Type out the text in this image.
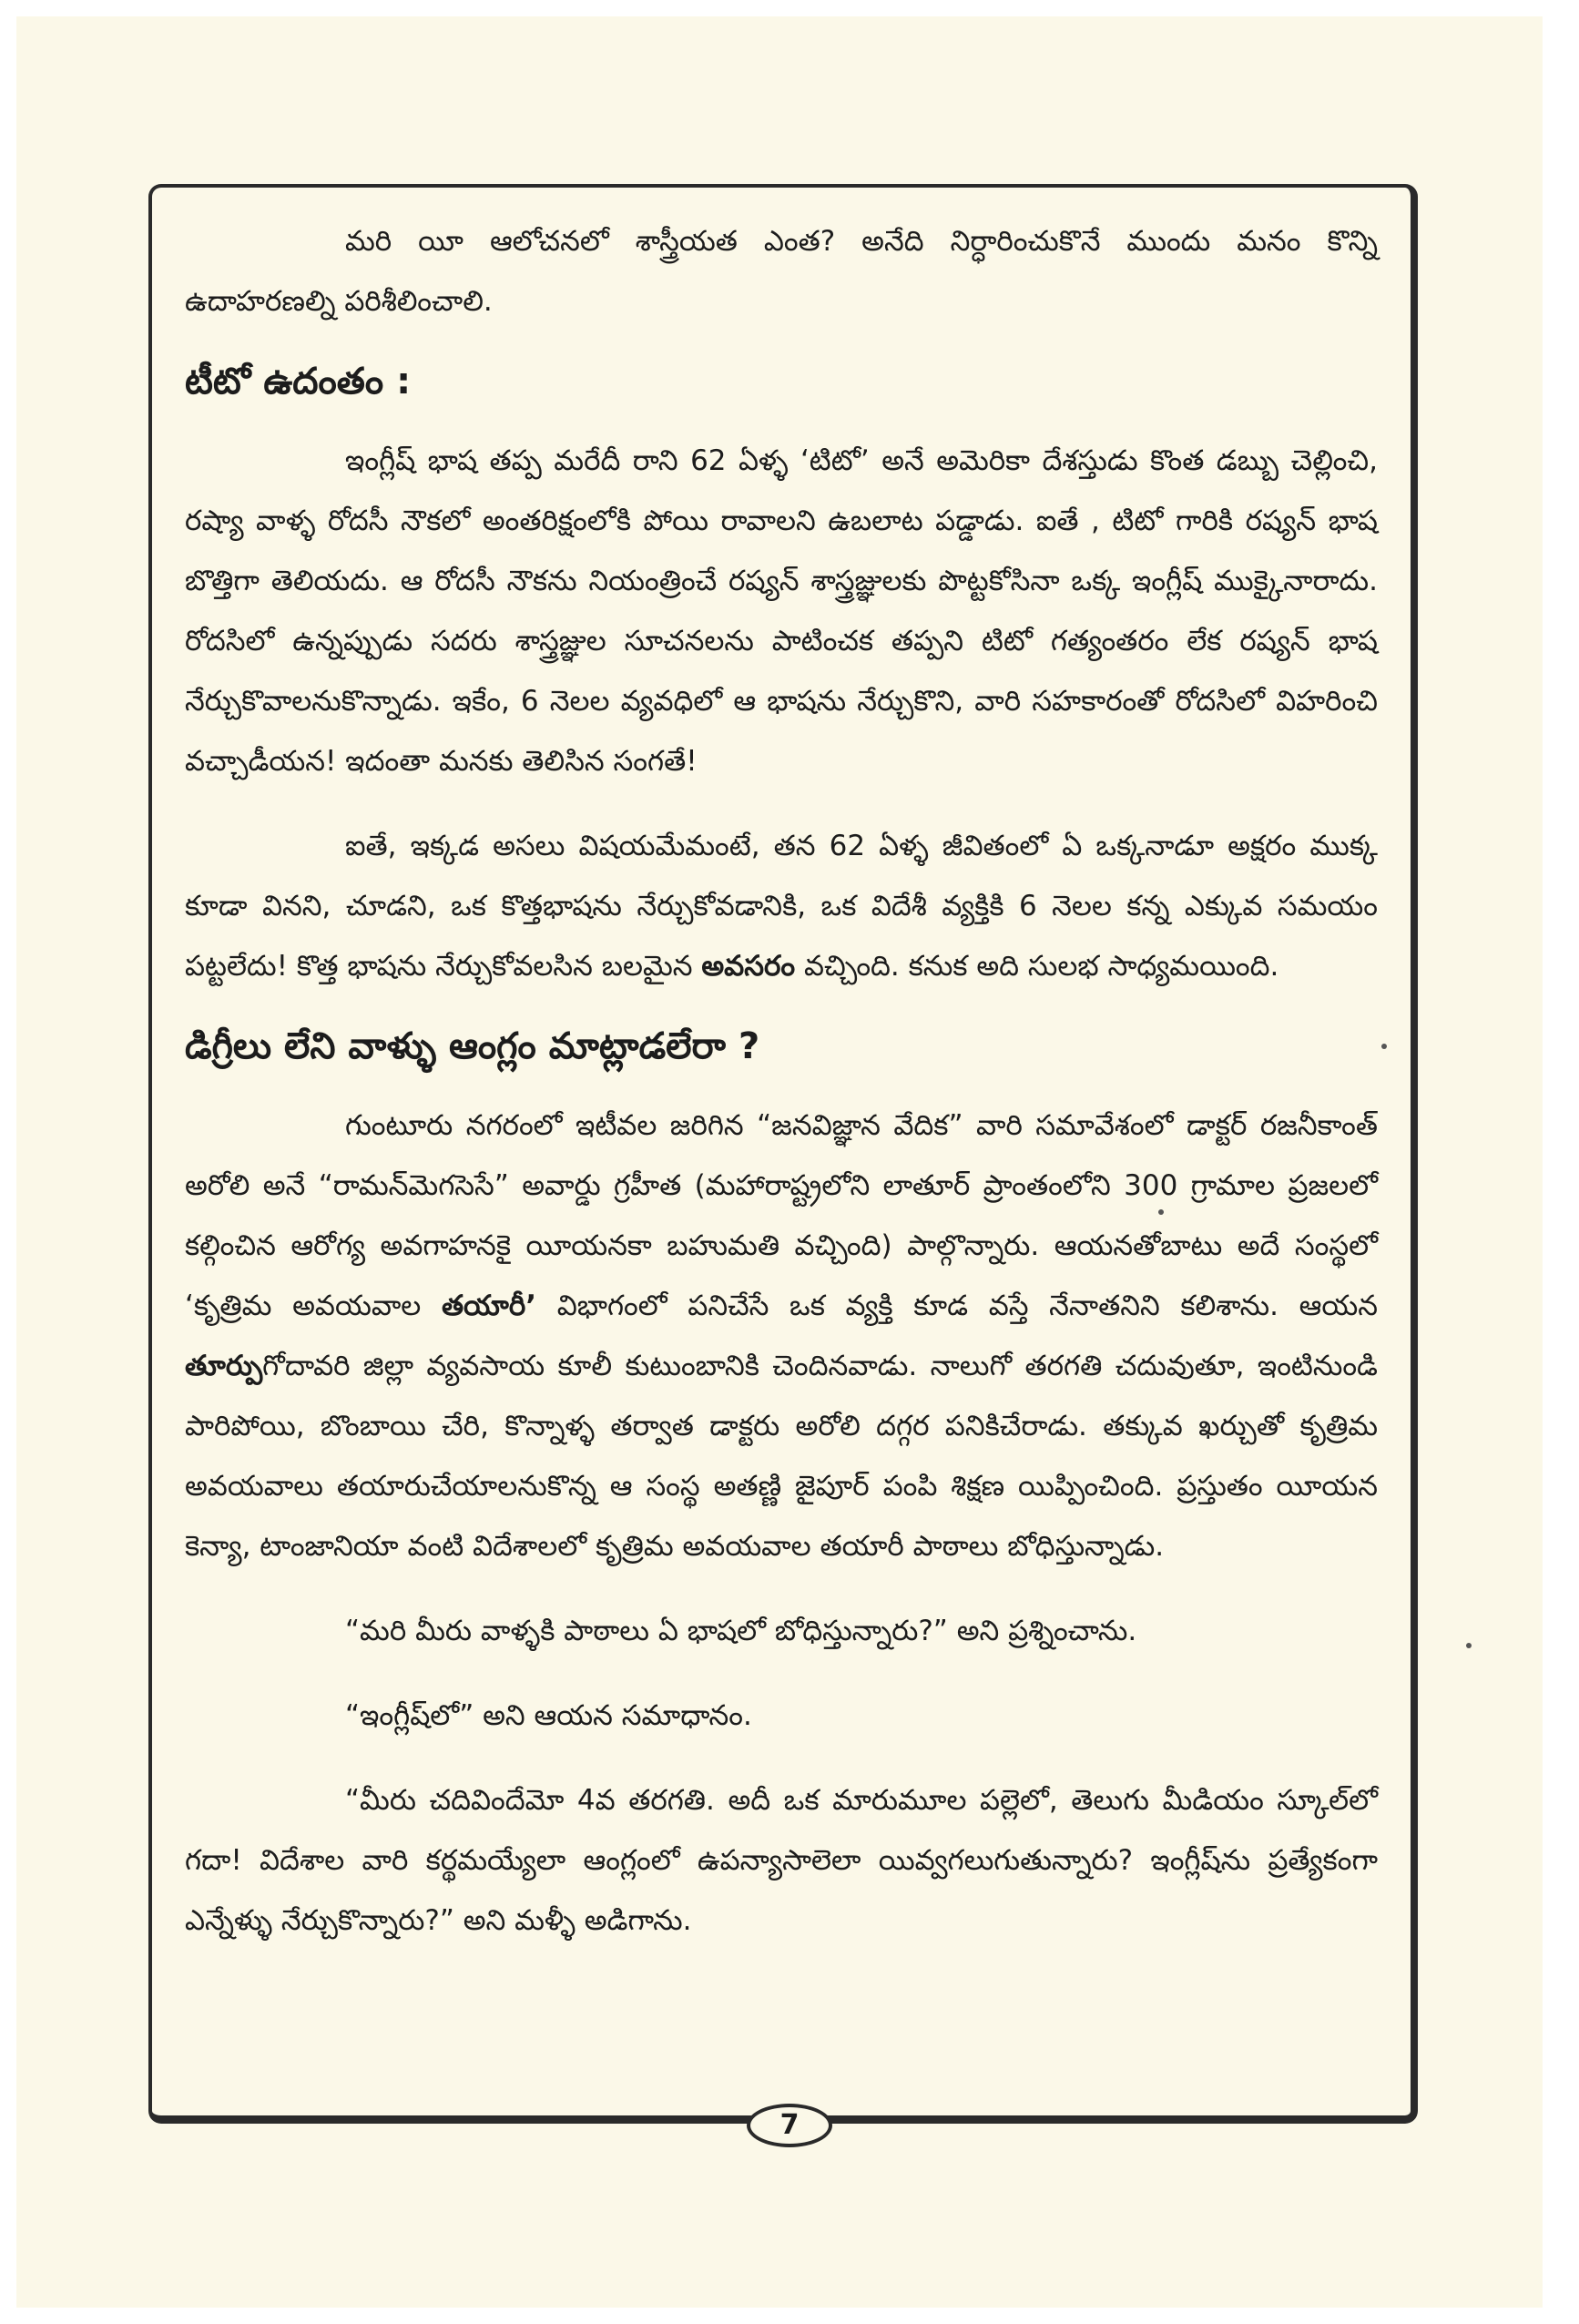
మరి యీ ఆలోచనలో శాస్త్రీయత ఎంత? అనేది నిర్ధారించుకొనే ముందు మనం కొన్ని ఉదాహరణల్ని పరిశీలించాలి.

టీటో ఉదంతం :

ఇంగ్లీష్ భాష తప్ప మరేదీ రాని 62 ఏళ్ళ ‘టిటో’ అనే అమెరికా దేశస్తుడు కొంత డబ్బు చెల్లించి, రష్యా వాళ్ళ రోదసీ నౌకలో అంతరిక్షంలోకి పోయి రావాలని ఉబలాట పడ్డాడు. ఐతే , టిటో గారికి రష్యన్ భాష బొత్తిగా తెలియదు. ఆ రోదసీ నౌకను నియంత్రించే రష్యన్ శాస్త్రజ్ఞులకు పొట్టకోసినా ఒక్క ఇంగ్లీష్ ముక్కైనారాదు. రోదసిలో ఉన్నప్పుడు సదరు శాస్త్రజ్ఞుల సూచనలను పాటించక తప్పని టిటో గత్యంతరం లేక రష్యన్ భాష నేర్చుకొవాలనుకొన్నాడు. ఇకేం, 6 నెలల వ్యవధిలో ఆ భాషను నేర్చుకొని, వారి సహకారంతో రోదసిలో విహరించి వచ్చాడీయన! ఇదంతా మనకు తెలిసిన సంగతే!

ఐతే, ఇక్కడ అసలు విషయమేమంటే, తన 62 ఏళ్ళ జీవితంలో ఏ ఒక్కనాడూ అక్షరం ముక్క కూడా వినని, చూడని, ఒక కొత్తభాషను నేర్చుకోవడానికి, ఒక విదేశీ వ్యక్తికి 6 నెలల కన్న ఎక్కువ సమయం పట్టలేదు! కొత్త భాషను నేర్చుకోవలసిన బలమైన అవసరం వచ్చింది. కనుక అది సులభ సాధ్యమయింది.

డిగ్రీలు లేని వాళ్ళు ఆంగ్లం మాట్లాడలేరా ?

గుంటూరు నగరంలో ఇటీవల జరిగిన “జనవిజ్ఞాన వేదిక” వారి సమావేశంలో డాక్టర్ రజనీకాంత్ అరోలి అనే “రామన్‌మెగసెసే” అవార్డు గ్రహీత (మహారాష్ట్రలోని లాతూర్ ప్రాంతంలోని 300 గ్రామాల ప్రజలలో కల్గించిన ఆరోగ్య అవగాహనకై యీయనకా బహుమతి వచ్చింది) పాల్గొన్నారు. ఆయనతోబాటు అదే సంస్థలో ‘కృత్రిమ అవయవాల తయారీ’ విభాగంలో పనిచేసే ఒక వ్యక్తి కూడ వస్తే నేనాతనిని కలిశాను. ఆయన తూర్పుగోదావరి జిల్లా వ్యవసాయ కూలీ కుటుంబానికి చెందినవాడు. నాలుగో తరగతి చదువుతూ, ఇంటినుండి పారిపోయి, బొంబాయి చేరి, కొన్నాళ్ళ తర్వాత డాక్టరు అరోలి దగ్గర పనికిచేరాడు. తక్కువ ఖర్చుతో కృత్రిమ అవయవాలు తయారుచేయాలనుకొన్న ఆ సంస్థ అతణ్ణి జైపూర్ పంపి శిక్షణ యిప్పించింది. ప్రస్తుతం యీయన కెన్యా, టాంజానియా వంటి విదేశాలలో కృత్రిమ అవయవాల తయారీ పాఠాలు బోధిస్తున్నాడు.

“మరి మీరు వాళ్ళకి పాఠాలు ఏ భాషలో బోధిస్తున్నారు?” అని ప్రశ్నించాను.

“ఇంగ్లీష్‌లో” అని ఆయన సమాధానం.

“మీరు చదివిందేమో 4వ తరగతి. అదీ ఒక మారుమూల పల్లెలో, తెలుగు మీడియం స్కూల్‌లో గదా! విదేశాల వారి కర్థమయ్యేలా ఆంగ్లంలో ఉపన్యాసాలెలా యివ్వగలుగుతున్నారు? ఇంగ్లీష్‌ను ప్రత్యేకంగా ఎన్నేళ్ళు నేర్చుకొన్నారు?” అని మళ్ళీ అడిగాను.

7
